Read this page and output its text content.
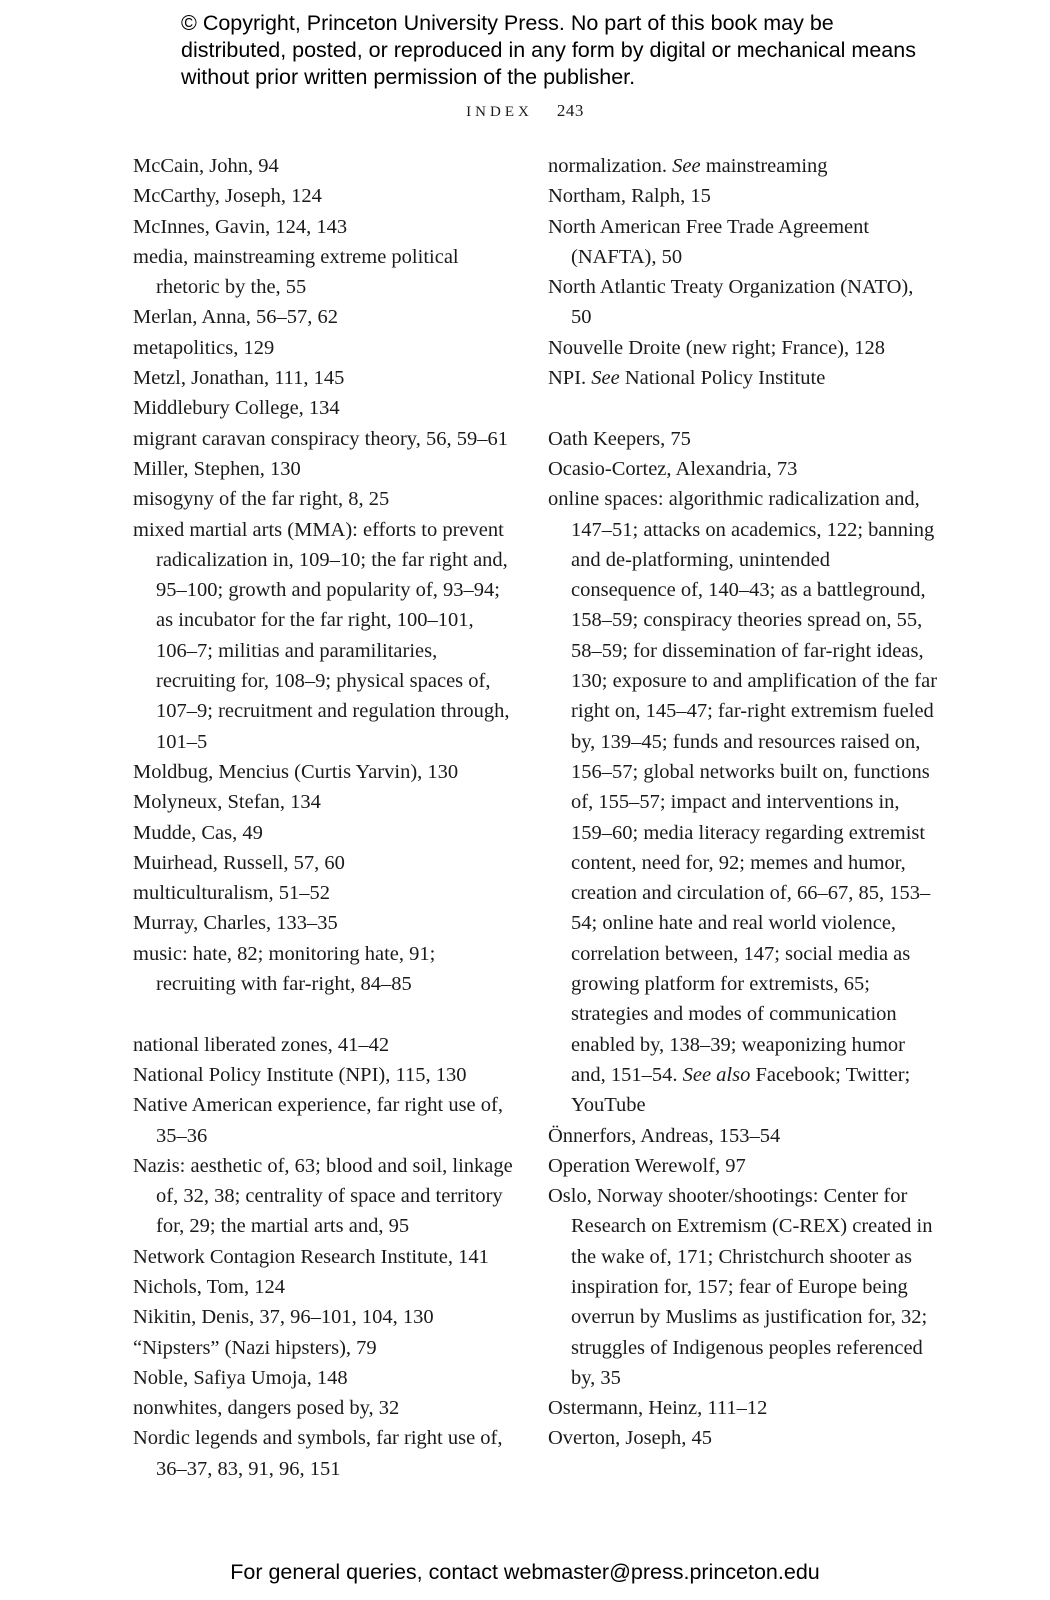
© Copyright, Princeton University Press. No part of this book may be distributed, posted, or reproduced in any form by digital or mechanical means without prior written permission of the publisher.
INDEX 243

McCain, John, 94

McCarthy, Joseph, 124

McInnes, Gavin, 124, 143

media, mainstreaming extreme political rhetoric by the, 55

Merlan, Anna, 56–57, 62

metapolitics, 129

Metzl, Jonathan, 111, 145

Middlebury College, 134

migrant caravan conspiracy theory, 56, 59–61

Miller, Stephen, 130

misogyny of the far right, 8, 25

mixed martial arts (MMA): efforts to prevent radicalization in, 109–10; the far right and, 95–100; growth and popularity of, 93–94; as incubator for the far right, 100–101, 106–7; militias and paramilitaries, recruiting for, 108–9; physical spaces of, 107–9; recruitment and regulation through, 101–5

Moldbug, Mencius (Curtis Yarvin), 130

Molyneux, Stefan, 134

Mudde, Cas, 49

Muirhead, Russell, 57, 60

multiculturalism, 51–52

Murray, Charles, 133–35

music: hate, 82; monitoring hate, 91; recruiting with far-right, 84–85

national liberated zones, 41–42

National Policy Institute (NPI), 115, 130

Native American experience, far right use of, 35–36

Nazis: aesthetic of, 63; blood and soil, linkage of, 32, 38; centrality of space and territory for, 29; the martial arts and, 95

Network Contagion Research Institute, 141

Nichols, Tom, 124

Nikitin, Denis, 37, 96–101, 104, 130

“Nipsters” (Nazi hipsters), 79

Noble, Safiya Umoja, 148

nonwhites, dangers posed by, 32

Nordic legends and symbols, far right use of, 36–37, 83, 91, 96, 151

normalization. See mainstreaming

Northam, Ralph, 15

North American Free Trade Agreement (NAFTA), 50

North Atlantic Treaty Organization (NATO), 50

Nouvelle Droite (new right; France), 128

NPI. See National Policy Institute

Oath Keepers, 75

Ocasio-Cortez, Alexandria, 73

online spaces: algorithmic radicalization and, 147–51; attacks on academics, 122; banning and de-platforming, unintended consequence of, 140–43; as a battleground, 158–59; conspiracy theories spread on, 55, 58–59; for dissemination of far-right ideas, 130; exposure to and amplification of the far right on, 145–47; far-right extremism fueled by, 139–45; funds and resources raised on, 156–57; global networks built on, functions of, 155–57; impact and interventions in, 159–60; media literacy regarding extremist content, need for, 92; memes and humor, creation and circulation of, 66–67, 85, 153–54; online hate and real world violence, correlation between, 147; social media as growing platform for extremists, 65; strategies and modes of communication enabled by, 138–39; weaponizing humor and, 151–54. See also Facebook; Twitter; YouTube

Önnerfors, Andreas, 153–54

Operation Werewolf, 97

Oslo, Norway shooter/shootings: Center for Research on Extremism (C-REX) created in the wake of, 171; Christchurch shooter as inspiration for, 157; fear of Europe being overrun by Muslims as justification for, 32; struggles of Indigenous peoples referenced by, 35

Ostermann, Heinz, 111–12

Overton, Joseph, 45

For general queries, contact webmaster@press.princeton.edu
